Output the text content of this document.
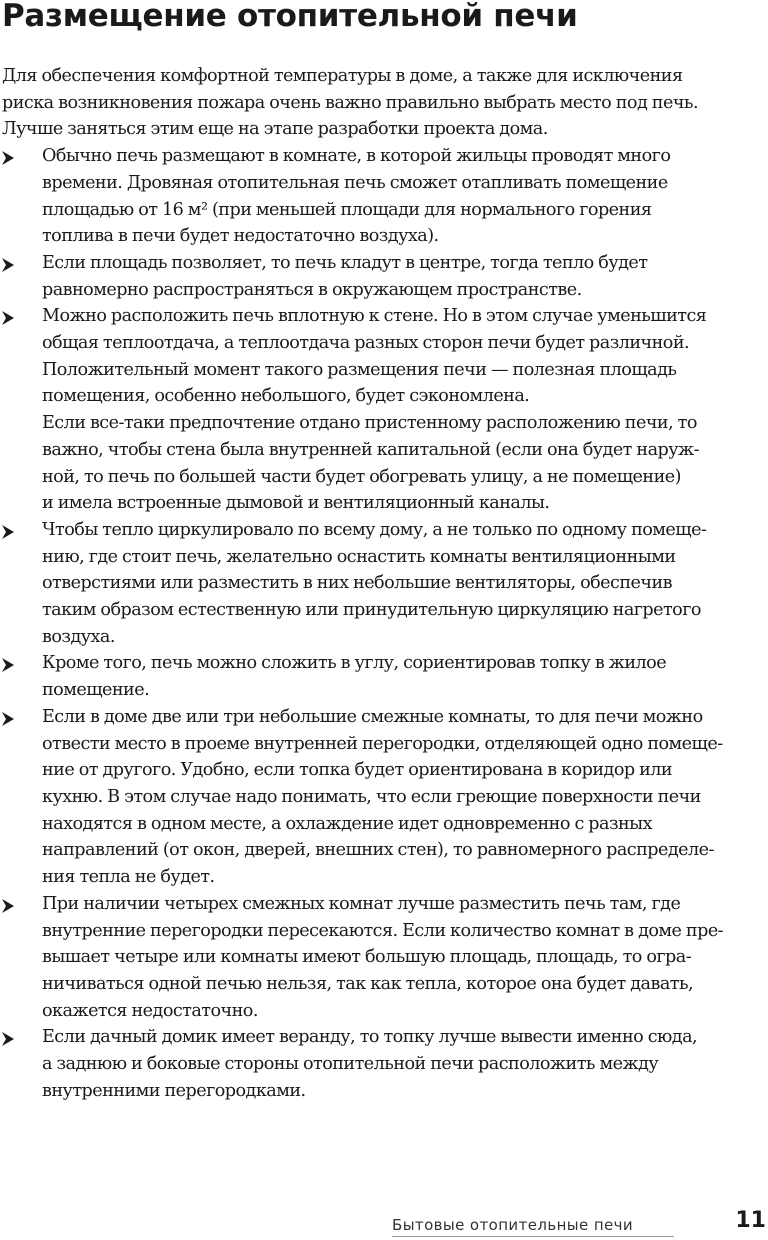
Размещение отопительной печи

Для обеспечения комфортной температуры в доме, а также для исключения
риска возникновения пожара очень важно правильно выбрать место под печь.
Лучше заняться этим еще на этапе разработки проекта дома.

Обычно печь размещают в комнате, в которой жильцы проводят много
времени. Дровяная отопительная печь сможет отапливать помещение
площадью от 16 м² (при меньшей площади для нормального горения
топлива в печи будет недостаточно воздуха).
Если площадь позволяет, то печь кладут в центре, тогда тепло будет
равномерно распространяться в окружающем пространстве.
Можно расположить печь вплотную к стене. Но в этом случае уменьшится
общая теплоотдача, а теплоотдача разных сторон печи будет различной.
Положительный момент такого размещения печи — полезная площадь
помещения, особенно небольшого, будет сэкономлена.
Если все-таки предпочтение отдано пристенному расположению печи, то
важно, чтобы стена была внутренней капитальной (если она будет наруж-
ной, то печь по большей части будет обогревать улицу, а не помещение)
и имела встроенные дымовой и вентиляционный каналы.
Чтобы тепло циркулировало по всему дому, а не только по одному помеще-
нию, где стоит печь, желательно оснастить комнаты вентиляционными
отверстиями или разместить в них небольшие вентиляторы, обеспечив
таким образом естественную или принудительную циркуляцию нагретого
воздуха.
Кроме того, печь можно сложить в углу, сориентировав топку в жилое
помещение.
Если в доме две или три небольшие смежные комнаты, то для печи можно
отвести место в проеме внутренней перегородки, отделяющей одно помеще-
ние от другого. Удобно, если топка будет ориентирована в коридор или
кухню. В этом случае надо понимать, что если греющие поверхности печи
находятся в одном месте, а охлаждение идет одновременно с разных
направлений (от окон, дверей, внешних стен), то равномерного распределе-
ния тепла не будет.
При наличии четырех смежных комнат лучше разместить печь там, где
внутренние перегородки пересекаются. Если количество комнат в доме пре-
вышает четыре или комнаты имеют большую площадь, площадь, то огра-
ничиваться одной печью нельзя, так как тепла, которое она будет давать,
окажется недостаточно.
Если дачный домик имеет веранду, то топку лучше вывести именно сюда,
а заднюю и боковые стороны отопительной печи расположить между
внутренними перегородками.
Бытовые отопительные печи	11
